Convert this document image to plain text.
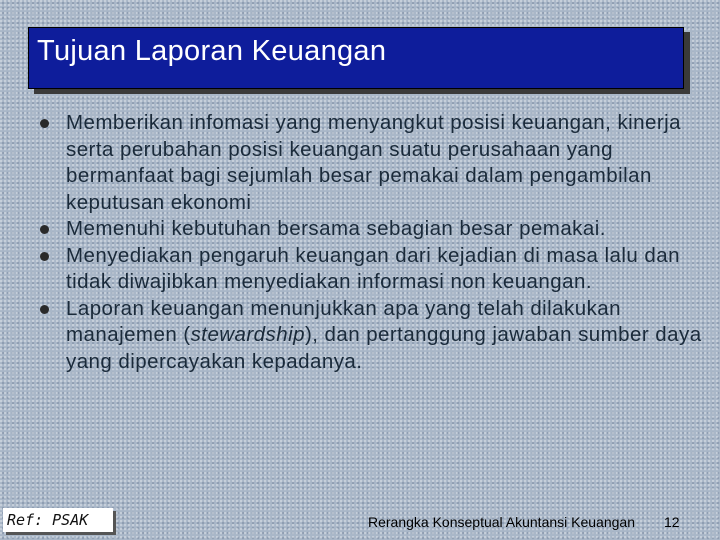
Tujuan Laporan Keuangan
Memberikan infomasi yang menyangkut posisi keuangan, kinerja serta perubahan posisi keuangan suatu perusahaan yang bermanfaat bagi sejumlah besar pemakai dalam pengambilan keputusan ekonomi
Memenuhi kebutuhan bersama sebagian besar pemakai.
Menyediakan pengaruh keuangan dari kejadian di masa lalu dan tidak diwajibkan menyediakan informasi non keuangan.
Laporan keuangan menunjukkan apa yang telah dilakukan manajemen (stewardship), dan pertanggung jawaban sumber daya yang dipercayakan kepadanya.
Ref: PSAK	Rerangka Konseptual Akuntansi Keuangan 12
